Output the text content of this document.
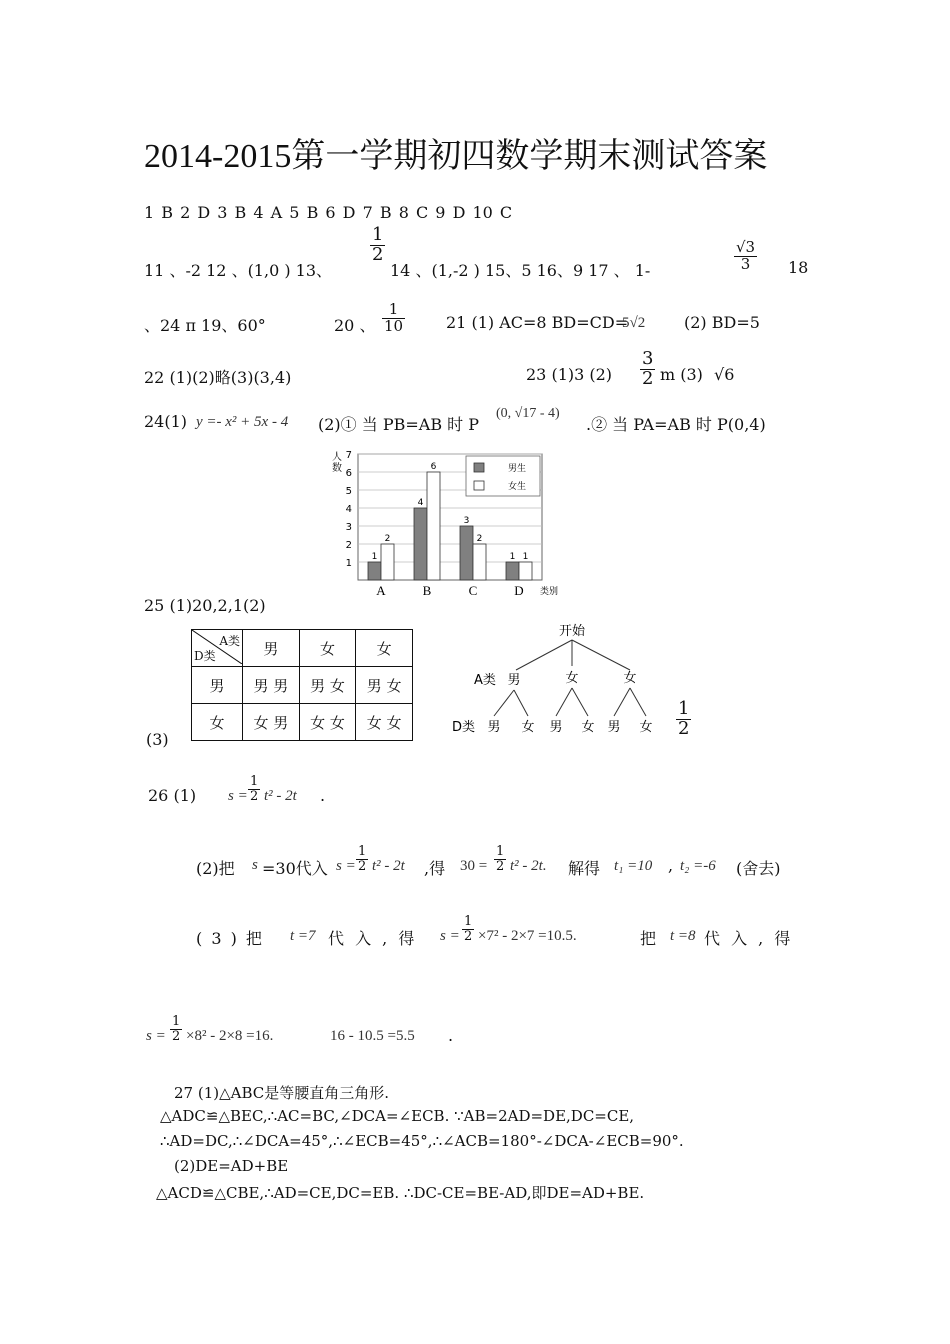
2014-2015第一学期初四数学期末测试答案
1 B 2 D 3 B 4 A 5 B 6 D 7 B 8 C 9 D 10 C
11 、-2 12 、(1,0 ) 13、
$\frac{1}{2}$
14 、(1,-2 ) 15、5 16、9 17 、 1-	$\frac{√3}{3} 18$
、24 π 19、60°	20 、 $\frac{1}{10}$	21 (1) AC=8 BD=CD=
5√2 (2) BD=5
22 (1)(2)略(3)(3,4)	23 (1)3 $(2) \frac{3}{2}$ m (3) √6
24(1) y =- x² + 5x - 4 (2)① 当 PB=AB 时 P
(0, √17 - 4)
.② 当 PA=AB 时 P(0,4)
1
2
3
4
5
6
7
人
数
1
2
A
4
6
B
3
2
C
1 1
D 类别
男生
女生
25 (1)20,2,1(2)
A类
D类	男	女	女
男	男 男	男 女	男 女
女	女 男	女 女	女 女
(3)
开始
A类 男	女	女
D类 男 女 男 女 男 女 $\frac{1}{2}$
26 (1) $s = \frac{1}{2} t^2 - 2t$ .
(2)把 s =30代入 $s = \frac{1}{2} t^2 - 2t$ ,得 $30 = \frac{1}{2} t^2 - 2t$. 解得 t₁ =10 , t₂ =-6 (舍去)
( 3 ) 把 t =7 代 入 , 得 $s = \frac{1}{2} \times 7^2 - 2\times 7 =10.5$.	把 t =8 代 入 , 得
$s = \frac{1}{2} \times 8^2 - 2\times 8 =16$.	16 - 10.5 =5.5 .
27 (1)△ABC是等腰直角三角形.
△ADC≌△BEC,∴AC=BC,∠DCA=∠ECB. ∵AB=2AD=DE,DC=CE,
∴AD=DC,∴∠DCA=45°,∴∠ECB=45°,∴∠ACB=180°-∠DCA-∠ECB=90°.
(2)DE=AD+BE
△ACD≌△CBE,∴AD=CE,DC=EB. ∴DC-CE=BE-AD,即DE=AD+BE.
